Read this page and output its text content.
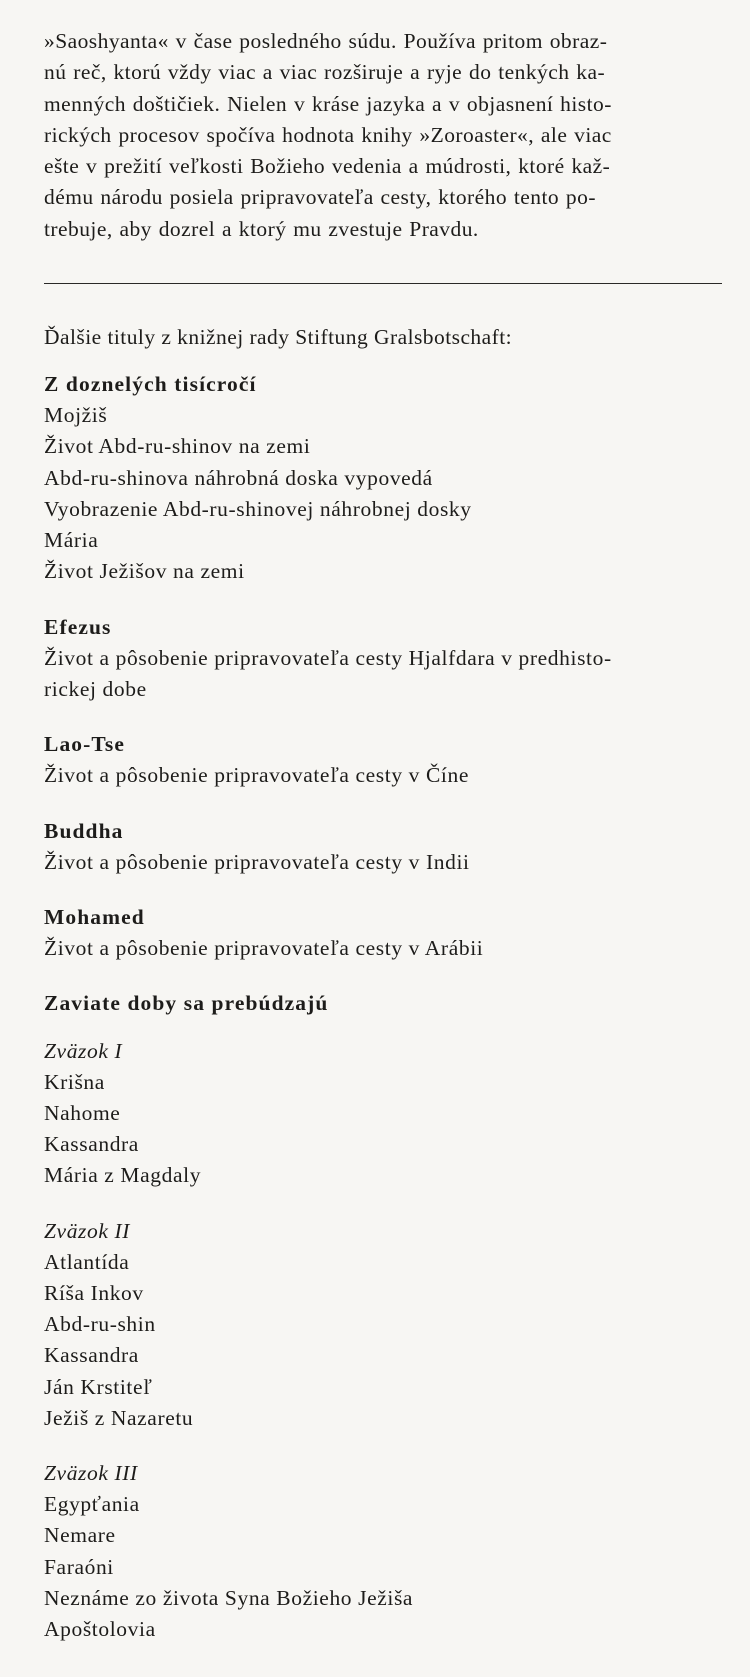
»Saoshyanta« v čase posledného súdu. Používa pritom obraz-
nú reč, ktorú vždy viac a viac rozširuje a ryje do tenkých ka-
menných doštičiek. Nielen v kráse jazyka a v objasnení histo-
rických procesov spočíva hodnota knihy »Zoroaster«, ale viac
ešte v prežití veľkosti Božieho vedenia a múdrosti, ktoré kaž-
dému národu posiela pripravovateľa cesty, ktorého tento po-
trebuje, aby dozrel a ktorý mu zvestuje Pravdu.

Ďalšie tituly z knižnej rady Stiftung Gralsbotschaft:
Z doznelých tisícročí
Mojžiš
Život Abd-ru-shinov na zemi
Abd-ru-shinova náhrobná doska vypovedá
Vyobrazenie Abd-ru-shinovej náhrobnej dosky
Mária
Život Ježišov na zemi
Efezus
Život a pôsobenie pripravovateľa cesty Hjalfdara v predhisto-
rickej dobe
Lao-Tse
Život a pôsobenie pripravovateľa cesty v Číne
Buddha
Život a pôsobenie pripravovateľa cesty v Indii
Mohamed
Život a pôsobenie pripravovateľa cesty v Arábii
Zaviate doby sa prebúdzajú
Zväzok I
Krišna
Nahome
Kassandra
Mária z Magdaly
Zväzok II
Atlantída
Ríša Inkov
Abd-ru-shin
Kassandra
Ján Krstiteľ
Ježiš z Nazaretu
Zväzok III
Egypťania
Nemare
Faraóni
Neznáme zo života Syna Božieho Ježiša
Apoštolovia
